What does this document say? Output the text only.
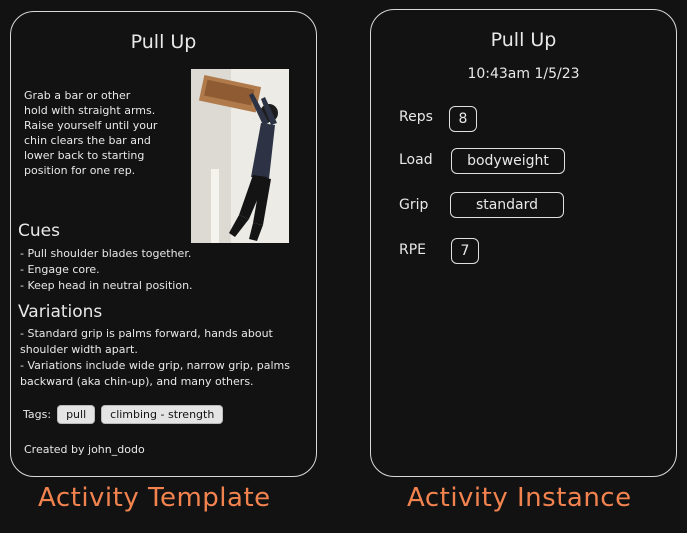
Pull Up
Grab a bar or other
hold with straight arms.
Raise yourself until your
chin clears the bar and
lower back to starting
position for one rep.
Cues
- Pull shoulder blades together.
- Engage core.
- Keep head in neutral position.
Variations
- Standard grip is palms forward, hands about shoulder width apart.
- Variations include wide grip, narrow grip, palms backward (aka chin-up), and many others.
Tags:	pull	climbing - strength
Created by john_dodo
Pull Up
10:43am 1/5/23
Reps	8
Load	bodyweight
Grip	standard
RPE	7
Activity Template	Activity Instance
